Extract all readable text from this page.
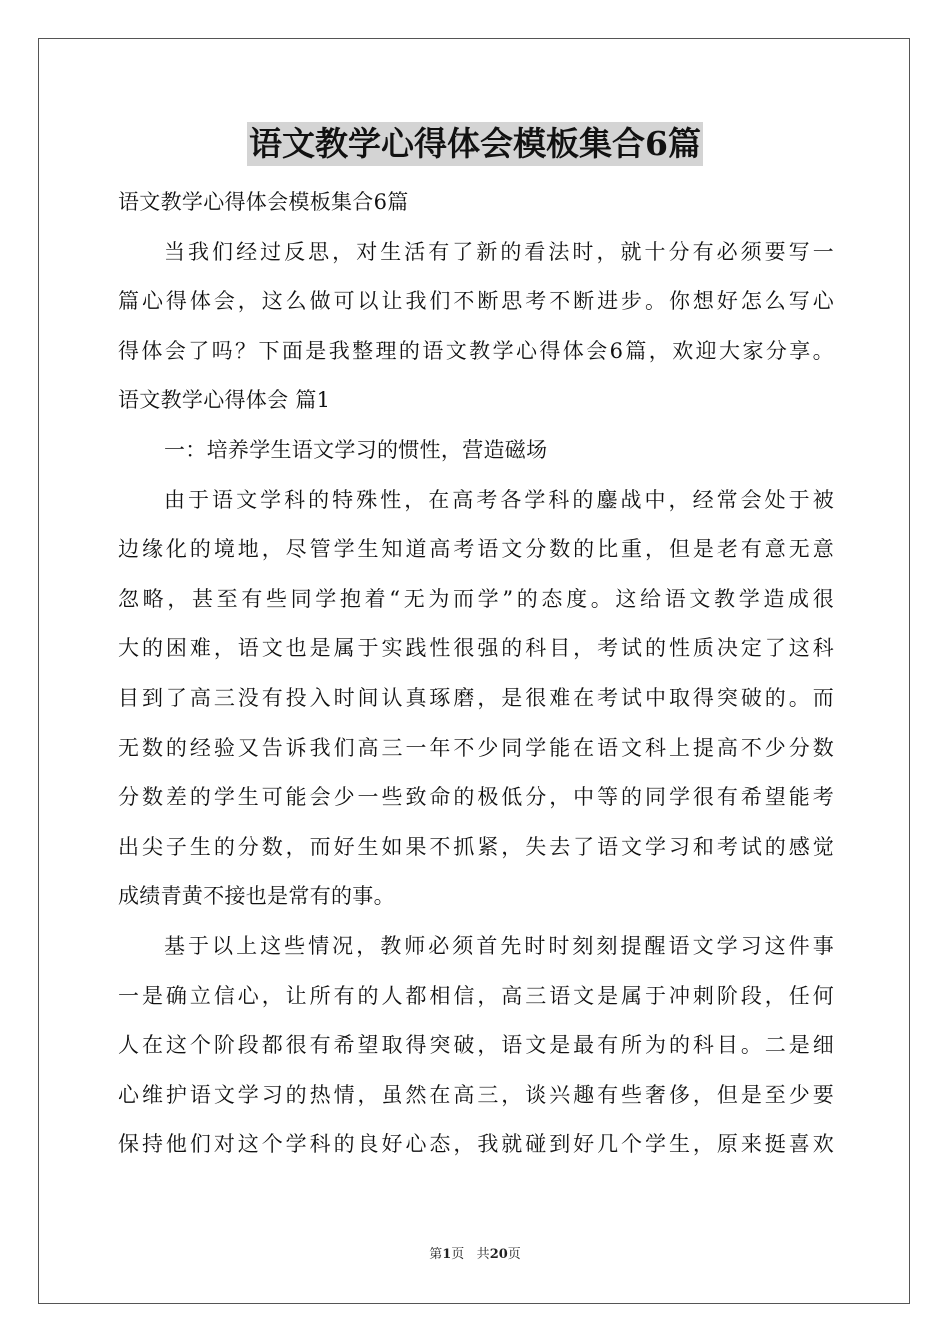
语文教学心得体会模板集合6篇
语文教学心得体会模板集合6篇
当我们经过反思，对生活有了新的看法时，就十分有必须要写一
篇心得体会，这么做可以让我们不断思考不断进步。你想好怎么写心
得体会了吗？下面是我整理的语文教学心得体会6篇，欢迎大家分享。
语文教学心得体会 篇1
一：培养学生语文学习的惯性，营造磁场
由于语文学科的特殊性，在高考各学科的鏖战中，经常会处于被
边缘化的境地，尽管学生知道高考语文分数的比重，但是老有意无意
忽略，甚至有些同学抱着“无为而学”的态度。这给语文教学造成很
大的困难，语文也是属于实践性很强的科目，考试的性质决定了这科
目到了高三没有投入时间认真琢磨，是很难在考试中取得突破的。而
无数的经验又告诉我们高三一年不少同学能在语文科上提高不少分数
分数差的学生可能会少一些致命的极低分，中等的同学很有希望能考
出尖子生的分数，而好生如果不抓紧，失去了语文学习和考试的感觉
成绩青黄不接也是常有的事。
基于以上这些情况，教师必须首先时时刻刻提醒语文学习这件事
一是确立信心，让所有的人都相信，高三语文是属于冲刺阶段，任何
人在这个阶段都很有希望取得突破，语文是最有所为的科目。二是细
心维护语文学习的热情，虽然在高三，谈兴趣有些奢侈，但是至少要
保持他们对这个学科的良好心态，我就碰到好几个学生，原来挺喜欢
第1页 共20页
